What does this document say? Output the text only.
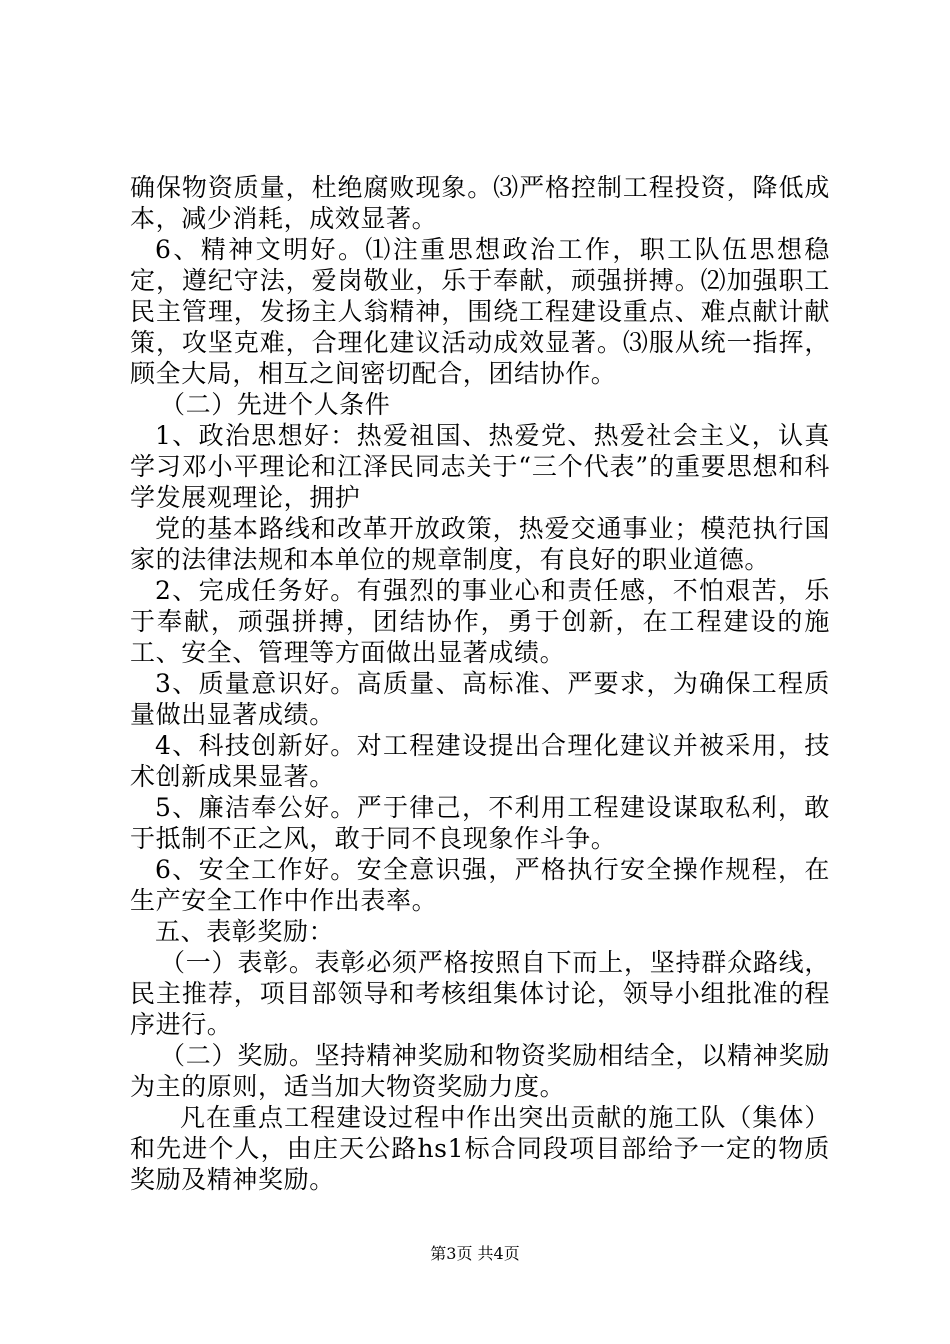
确保物资质量，杜绝腐败现象。⑶严格控制工程投资，降低成本，减少消耗，成效显著。

6、精神文明好。⑴注重思想政治工作，职工队伍思想稳定，遵纪守法，爱岗敬业，乐于奉献，顽强拼搏。⑵加强职工民主管理，发扬主人翁精神，围绕工程建设重点、难点献计献策，攻坚克难，合理化建议活动成效显著。⑶服从统一指挥，顾全大局，相互之间密切配合，团结协作。

（二）先进个人条件

1、政治思想好：热爱祖国、热爱党、热爱社会主义，认真学习邓小平理论和江泽民同志关于“三个代表”的重要思想和科学发展观理论，拥护

党的基本路线和改革开放政策，热爱交通事业；模范执行国家的法律法规和本单位的规章制度，有良好的职业道德。

2、完成任务好。有强烈的事业心和责任感，不怕艰苦，乐于奉献，顽强拼搏，团结协作，勇于创新，在工程建设的施工、安全、管理等方面做出显著成绩。

3、质量意识好。高质量、高标准、严要求，为确保工程质量做出显著成绩。

4、科技创新好。对工程建设提出合理化建议并被采用，技术创新成果显著。

5、廉洁奉公好。严于律己，不利用工程建设谋取私利，敢于抵制不正之风，敢于同不良现象作斗争。

6、安全工作好。安全意识强，严格执行安全操作规程，在生产安全工作中作出表率。

五、表彰奖励：

（一）表彰。表彰必须严格按照自下而上，坚持群众路线，民主推荐，项目部领导和考核组集体讨论，领导小组批准的程序进行。

（二）奖励。坚持精神奖励和物资奖励相结全，以精神奖励为主的原则，适当加大物资奖励力度。

凡在重点工程建设过程中作出突出贡献的施工队（集体）和先进个人，由庄天公路hs1标合同段项目部给予一定的物质奖励及精神奖励。

第3页 共4页
